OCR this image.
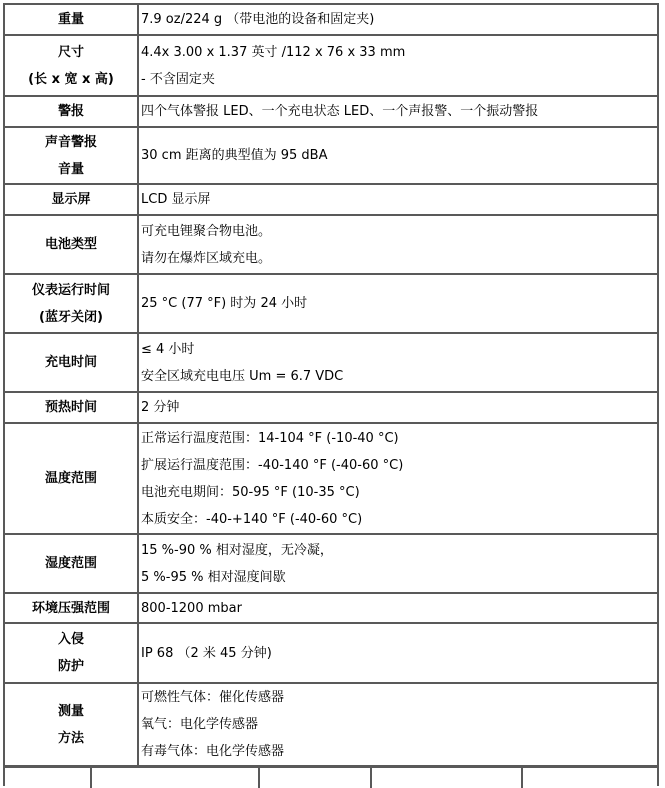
重量	7.9 oz/224 g （带电池的设备和固定夹)

尺寸
(长 x 宽 x 高)	4.4x 3.00 x 1.37 英寸 /112 x 76 x 33 mm
- 不含固定夹

警报	四个气体警报 LED、一个充电状态 LED、一个声报警、一个振动警报

声音警报
音量	30 cm 距离的典型值为 95 dBA

显示屏	LCD 显示屏

电池类型	可充电锂聚合物电池。
请勿在爆炸区域充电。

仪表运行时间
(蓝牙关闭)	25 °C (77 °F) 时为 24 小时

充电时间	≤ 4 小时
安全区域充电电压 Um = 6.7 VDC

预热时间	2 分钟

温度范围	正常运行温度范围：14-104 °F (-10-40 °C)
扩展运行温度范围：-40-140 °F (-40-60 °C)
电池充电期间：50-95 °F (10-35 °C)
本质安全：-40-+140 °F (-40-60 °C)

湿度范围	15 %-90 % 相对湿度，无冷凝，
5 %-95 % 相对湿度间歇

环境压强范围	800-1200 mbar

入侵
防护	IP 68 （2 米 45 分钟)

测量
方法	可燃性气体：催化传感器
氧气：电化学传感器
有毒气体：电化学传感器
